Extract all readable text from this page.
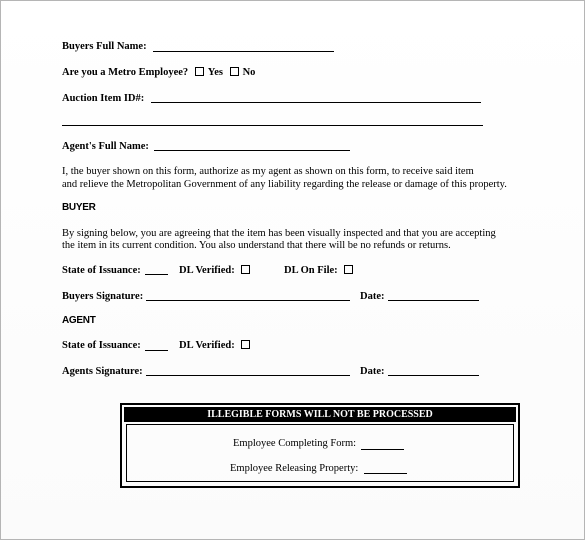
Buyers Full Name:
Are you a Metro Employee? Yes No
Auction Item ID#:
Agent's Full Name:
I, the buyer shown on this form, authorize as my agent as shown on this form, to receive said item
and relieve the Metropolitan Government of any liability regarding the release or damage of this property.
BUYER
By signing below, you are agreeing that the item has been visually inspected and that you are accepting
the item in its current condition. You also understand that there will be no refunds or returns.
State of Issuance:	DL Verified:	DL On File:
Buyers Signature:	Date:
AGENT
State of Issuance:	DL Verified:
Agents Signature:	Date:
ILLEGIBLE FORMS WILL NOT BE PROCESSED
Employee Completing Form:
Employee Releasing Property:
